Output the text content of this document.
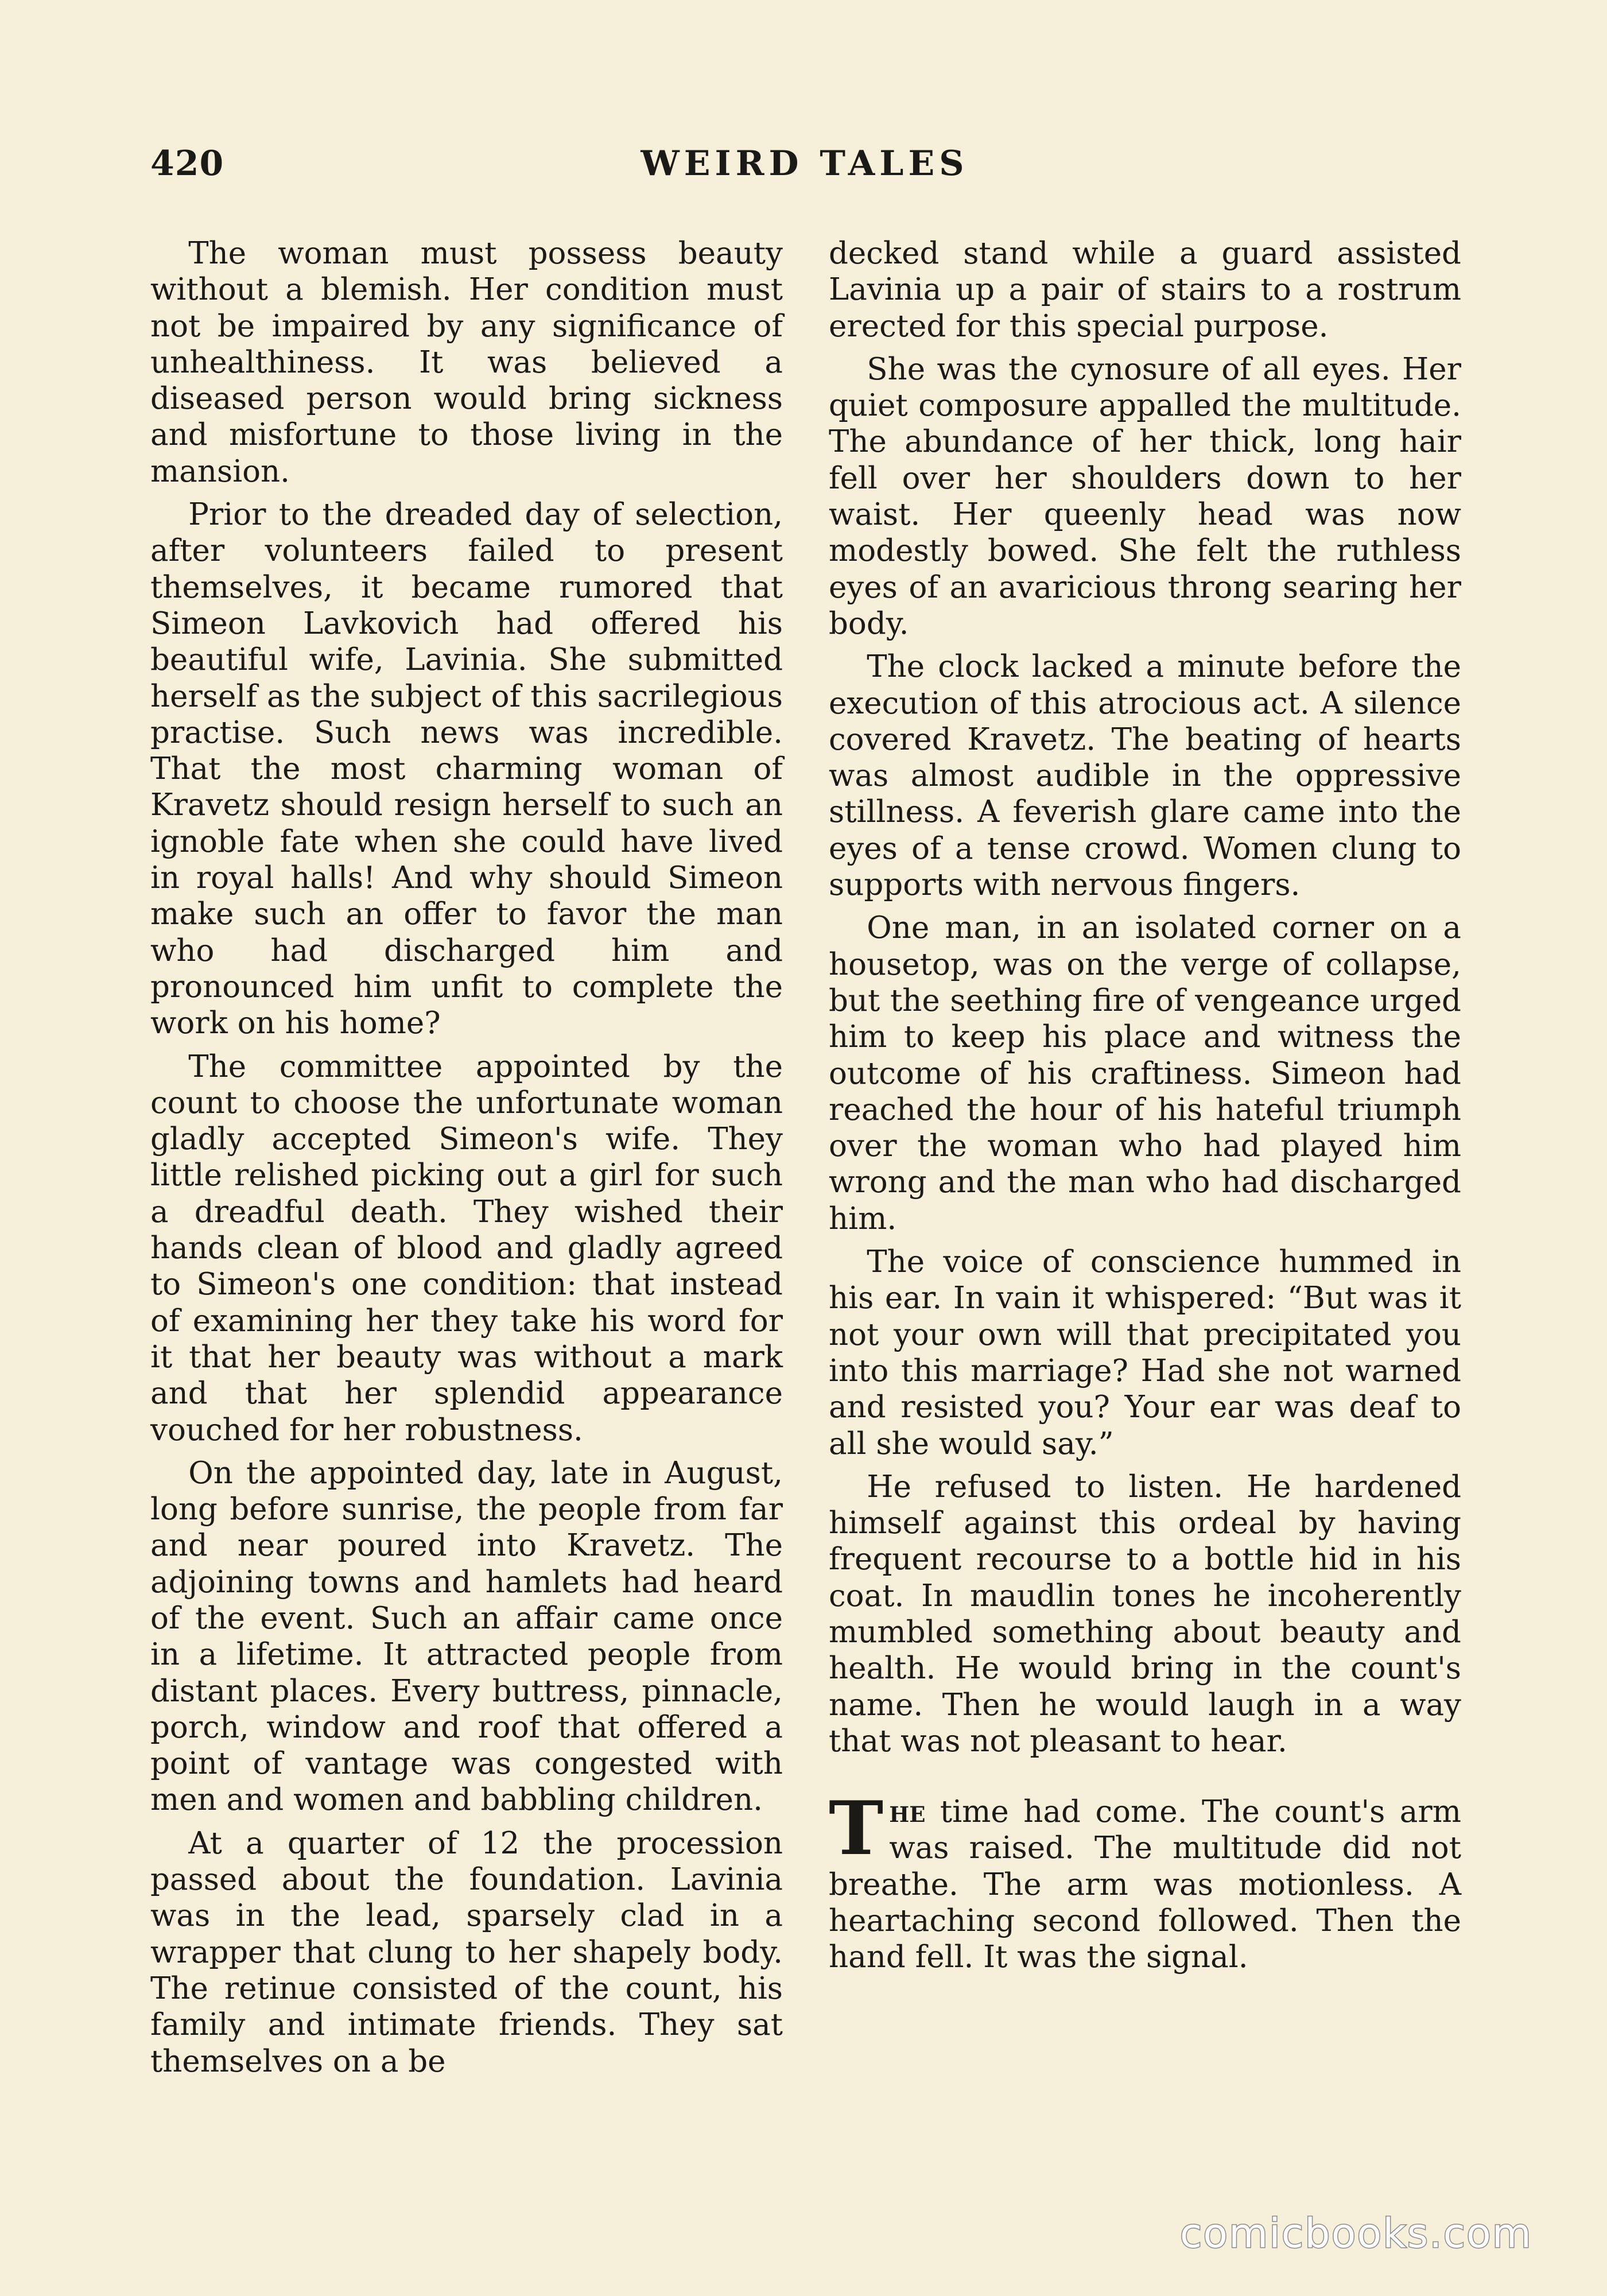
420	WEIRD TALES

The woman must possess beauty without a blemish. Her condition must not be impaired by any significance of unhealthiness. It was believed a diseased person would bring sickness and misfortune to those living in the mansion.

Prior to the dreaded day of selection, after volunteers failed to present themselves, it became rumored that Simeon Lavkovich had offered his beautiful wife, Lavinia. She submitted herself as the subject of this sacrilegious practise. Such news was incredible. That the most charming woman of Kravetz should resign herself to such an ignoble fate when she could have lived in royal halls! And why should Simeon make such an offer to favor the man who had discharged him and pronounced him unfit to complete the work on his home?

The committee appointed by the count to choose the unfortunate woman gladly accepted Simeon's wife. They little relished picking out a girl for such a dreadful death. They wished their hands clean of blood and gladly agreed to Simeon's one condition: that instead of examining her they take his word for it that her beauty was without a mark and that her splendid appearance vouched for her robustness.

On the appointed day, late in August, long before sunrise, the people from far and near poured into Kravetz. The adjoining towns and hamlets had heard of the event. Such an affair came once in a lifetime. It attracted people from distant places. Every buttress, pinnacle, porch, window and roof that offered a point of vantage was congested with men and women and babbling children.

At a quarter of 12 the procession passed about the foundation. Lavinia was in the lead, sparsely clad in a wrapper that clung to her shapely body. The retinue consisted of the count, his family and intimate friends. They sat themselves on a be

decked stand while a guard assisted Lavinia up a pair of stairs to a rostrum erected for this special purpose.

She was the cynosure of all eyes. Her quiet composure appalled the multitude. The abundance of her thick, long hair fell over her shoulders down to her waist. Her queenly head was now modestly bowed. She felt the ruthless eyes of an avaricious throng searing her body.

The clock lacked a minute before the execution of this atrocious act. A silence covered Kravetz. The beating of hearts was almost audible in the oppressive stillness. A feverish glare came into the eyes of a tense crowd. Women clung to supports with nervous fingers.

One man, in an isolated corner on a housetop, was on the verge of collapse, but the seething fire of vengeance urged him to keep his place and witness the outcome of his craftiness. Simeon had reached the hour of his hateful triumph over the woman who had played him wrong and the man who had discharged him.

The voice of conscience hummed in his ear. In vain it whispered: “But was it not your own will that precipitated you into this marriage? Had she not warned and resisted you? Your ear was deaf to all she would say.”

He refused to listen. He hardened himself against this ordeal by having frequent recourse to a bottle hid in his coat. In maudlin tones he incoherently mumbled something about beauty and health. He would bring in the count's name. Then he would laugh in a way that was not pleasant to hear.

The time had come. The count's arm was raised. The multitude did not breathe. The arm was motionless. A heartaching second followed. Then the hand fell. It was the signal.

comicbooks.com
